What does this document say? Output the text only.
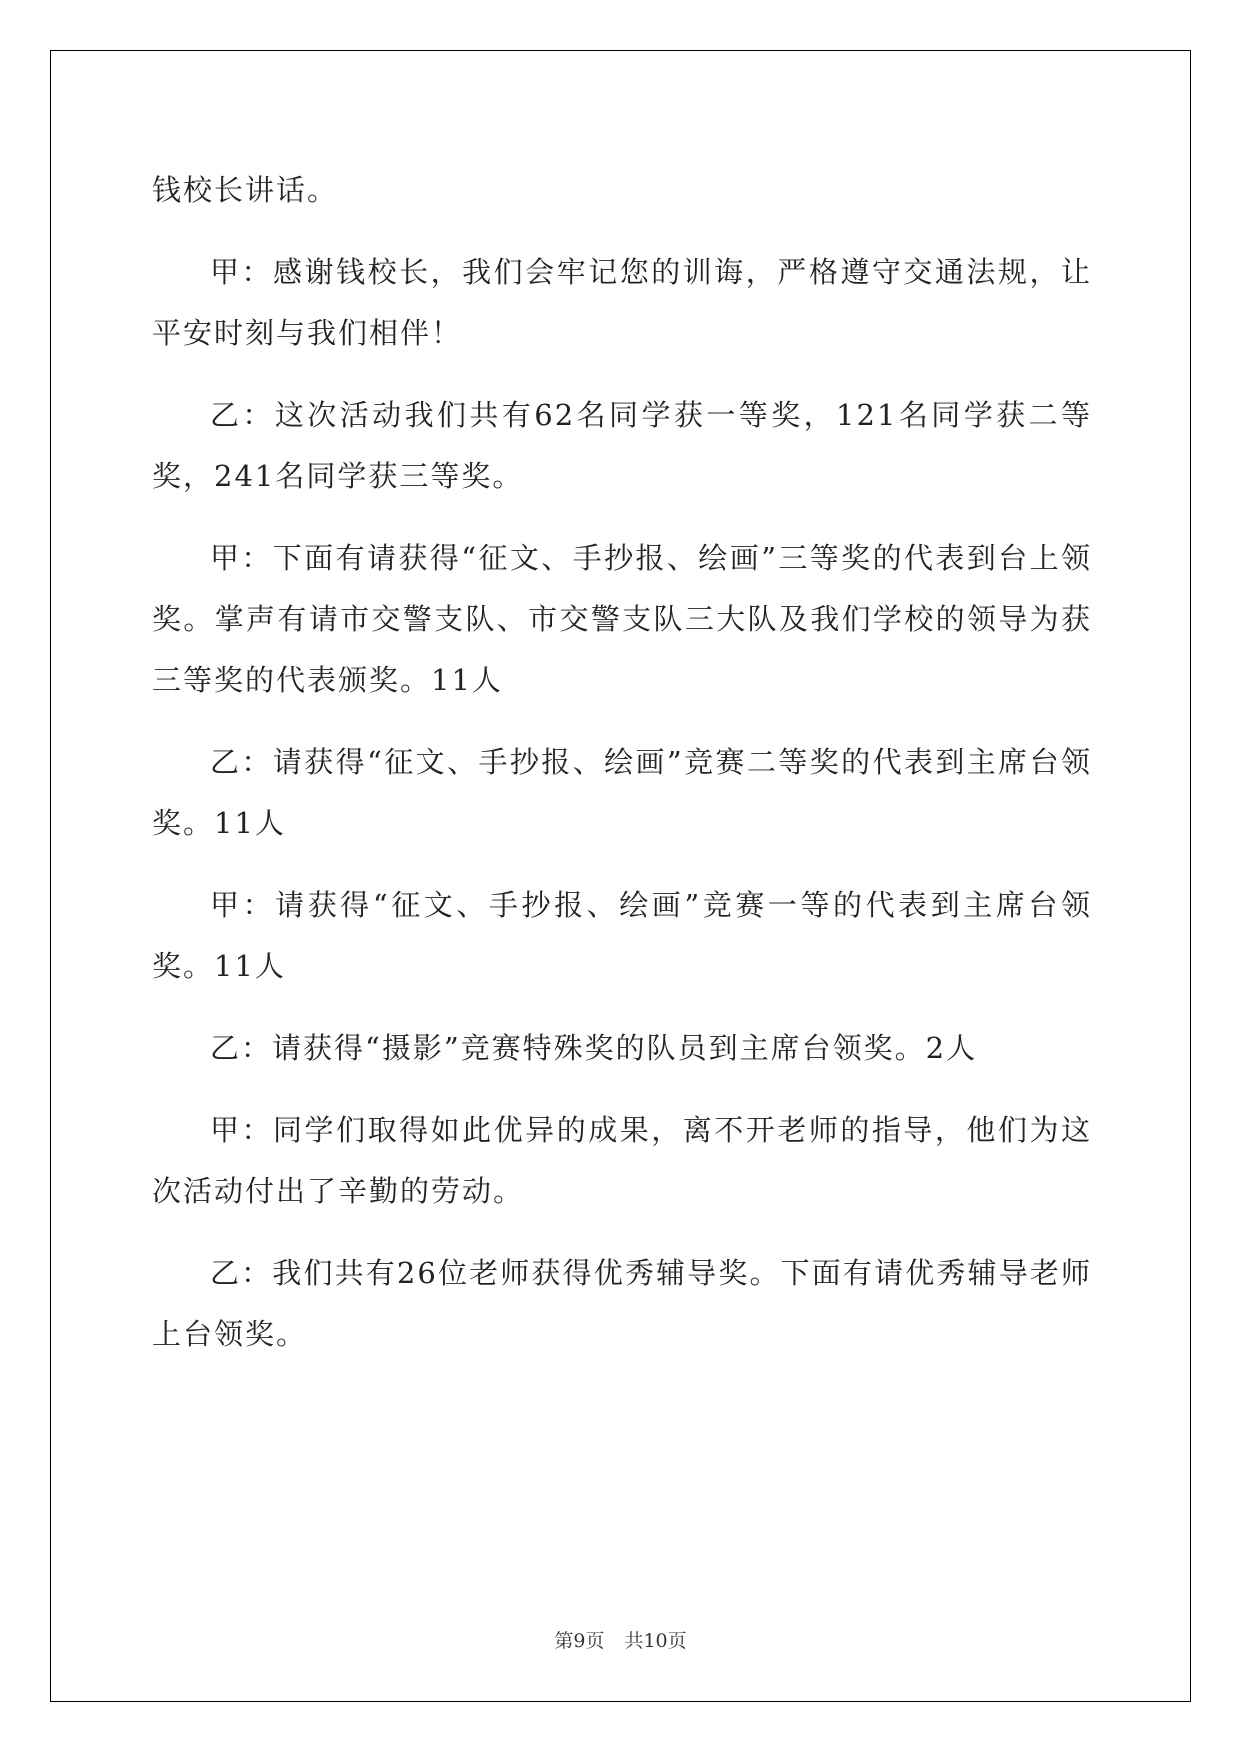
钱校长讲话。

甲：感谢钱校长，我们会牢记您的训诲，严格遵守交通法规，让平安时刻与我们相伴！

乙：这次活动我们共有62名同学获一等奖，121名同学获二等奖，241名同学获三等奖。

甲：下面有请获得“征文、手抄报、绘画”三等奖的代表到台上领奖。掌声有请市交警支队、市交警支队三大队及我们学校的领导为获三等奖的代表颁奖。11人

乙：请获得“征文、手抄报、绘画”竞赛二等奖的代表到主席台领奖。11人

甲：请获得“征文、手抄报、绘画”竞赛一等的代表到主席台领奖。11人

乙：请获得“摄影”竞赛特殊奖的队员到主席台领奖。2人

甲：同学们取得如此优异的成果，离不开老师的指导，他们为这次活动付出了辛勤的劳动。

乙：我们共有26位老师获得优秀辅导奖。下面有请优秀辅导老师上台领奖。

第9页 共10页
